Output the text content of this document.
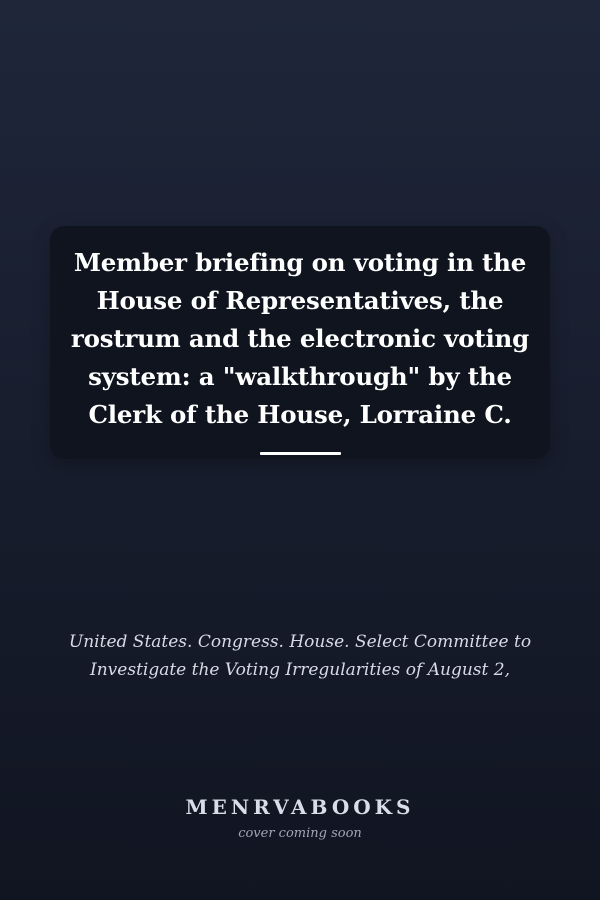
Member briefing on voting in the House of Representatives, the rostrum and the electronic voting system: a "walkthrough" by the Clerk of the House, Lorraine C.

United States. Congress. House. Select Committee to Investigate the Voting Irregularities of August 2,

MENRVABOOKS
cover coming soon
